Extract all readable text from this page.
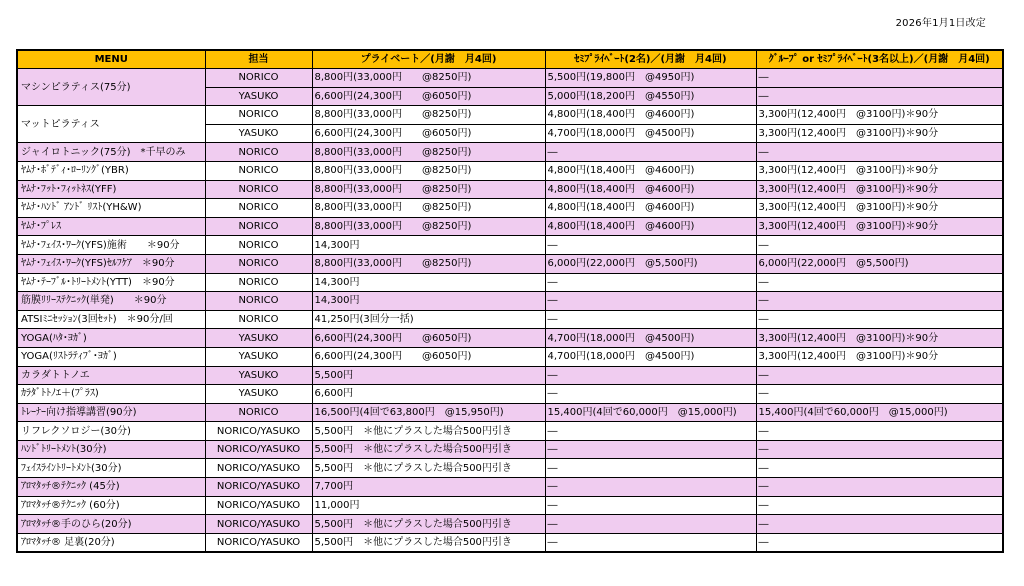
2026年1月1日改定
MENU	担当	プライベート／(月謝　月4回)	ｾﾐﾌﾟﾗｲﾍﾞｰﾄ(2名)／(月謝　月4回)	ｸﾞﾙｰﾌﾟ or ｾﾐﾌﾟﾗｲﾍﾞｰﾄ(3名以上)／(月謝　月4回)
マシンピラティス(75分)	NORICO	8,800円(33,000円　　@8250円)	5,500円(19,800円　@4950円)	―
	YASUKO	6,600円(24,300円　　@6050円)	5,000円(18,200円　@4550円)	―
マットピラティス	NORICO	8,800円(33,000円　　@8250円)	4,800円(18,400円　@4600円)	3,300円(12,400円　@3100円)＊90分
	YASUKO	6,600円(24,300円　　@6050円)	4,700円(18,000円　@4500円)	3,300円(12,400円　@3100円)＊90分
ジャイロトニック(75分)　*千早のみ	NORICO	8,800円(33,000円　　@8250円)	―	―
ﾔﾑﾅ･ﾎﾞﾃﾞｨ･ﾛｰﾘﾝｸﾞ(YBR)	NORICO	8,800円(33,000円　　@8250円)	4,800円(18,400円　@4600円)	3,300円(12,400円　@3100円)＊90分
ﾔﾑﾅ･ﾌｯﾄ･ﾌｨｯﾄﾈｽ(YFF)	NORICO	8,800円(33,000円　　@8250円)	4,800円(18,400円　@4600円)	3,300円(12,400円　@3100円)＊90分
ﾔﾑﾅ･ﾊﾝﾄﾞ ｱﾝﾄﾞ ﾘｽﾄ(YH&W)	NORICO	8,800円(33,000円　　@8250円)	4,800円(18,400円　@4600円)	3,300円(12,400円　@3100円)＊90分
ﾔﾑﾅ･ﾌﾟﾚｽ	NORICO	8,800円(33,000円　　@8250円)	4,800円(18,400円　@4600円)	3,300円(12,400円　@3100円)＊90分
ﾔﾑﾅ･ﾌｪｲｽ･ﾜｰｸ(YFS)施術　　＊90分	NORICO	14,300円	―	―
ﾔﾑﾅ･ﾌｪｲｽ･ﾜｰｸ(YFS)ｾﾙﾌｹｱ　＊90分	NORICO	8,800円(33,000円　　@8250円)	6,000円(22,000円　@5,500円)	6,000円(22,000円　@5,500円)
ﾔﾑﾅ･ﾃｰﾌﾞﾙ･ﾄﾘｰﾄﾒﾝﾄ(YTT)　＊90分	NORICO	14,300円	―	―
筋膜ﾘﾘｰｽﾃｸﾆｯｸ(単発)　　＊90分	NORICO	14,300円	―	―
ATSIﾐﾆｾｯｼｮﾝ(3回ｾｯﾄ)　＊90分/回	NORICO	41,250円(3回分一括)	―	―
YOGA(ﾊﾀ･ﾖｶﾞ)	YASUKO	6,600円(24,300円　　@6050円)	4,700円(18,000円　@4500円)	3,300円(12,400円　@3100円)＊90分
YOGA(ﾘｽﾄﾗﾃｨﾌﾞ･ﾖｶﾞ)	YASUKO	6,600円(24,300円　　@6050円)	4,700円(18,000円　@4500円)	3,300円(12,400円　@3100円)＊90分
カラダトトノエ	YASUKO	5,500円	―	―
ｶﾗﾀﾞﾄﾄﾉｴ＋(ﾌﾟﾗｽ)	YASUKO	6,600円	―	―
ﾄﾚｰﾅｰ向け指導講習(90分)	NORICO	16,500円(4回で63,800円　@15,950円)	15,400円(4回で60,000円　@15,000円)	15,400円(4回で60,000円　@15,000円)
リフレクソロジー(30分)	NORICO/YASUKO	5,500円　＊他にプラスした場合500円引き	―	―
ﾊﾝﾄﾞﾄﾘｰﾄﾒﾝﾄ(30分)	NORICO/YASUKO	5,500円　＊他にプラスした場合500円引き	―	―
ﾌｪｲｽﾗｲﾝﾄﾘｰﾄﾒﾝﾄ(30分)	NORICO/YASUKO	5,500円　＊他にプラスした場合500円引き	―	―
ｱﾛﾏﾀｯﾁ®ﾃｸﾆｯｸ (45分)	NORICO/YASUKO	7,700円	―	―
ｱﾛﾏﾀｯﾁ®ﾃｸﾆｯｸ (60分)	NORICO/YASUKO	11,000円	―	―
ｱﾛﾏﾀｯﾁ®手のひら(20分)	NORICO/YASUKO	5,500円　＊他にプラスした場合500円引き	―	―
ｱﾛﾏﾀｯﾁ® 足裏(20分)	NORICO/YASUKO	5,500円　＊他にプラスした場合500円引き	―	―
